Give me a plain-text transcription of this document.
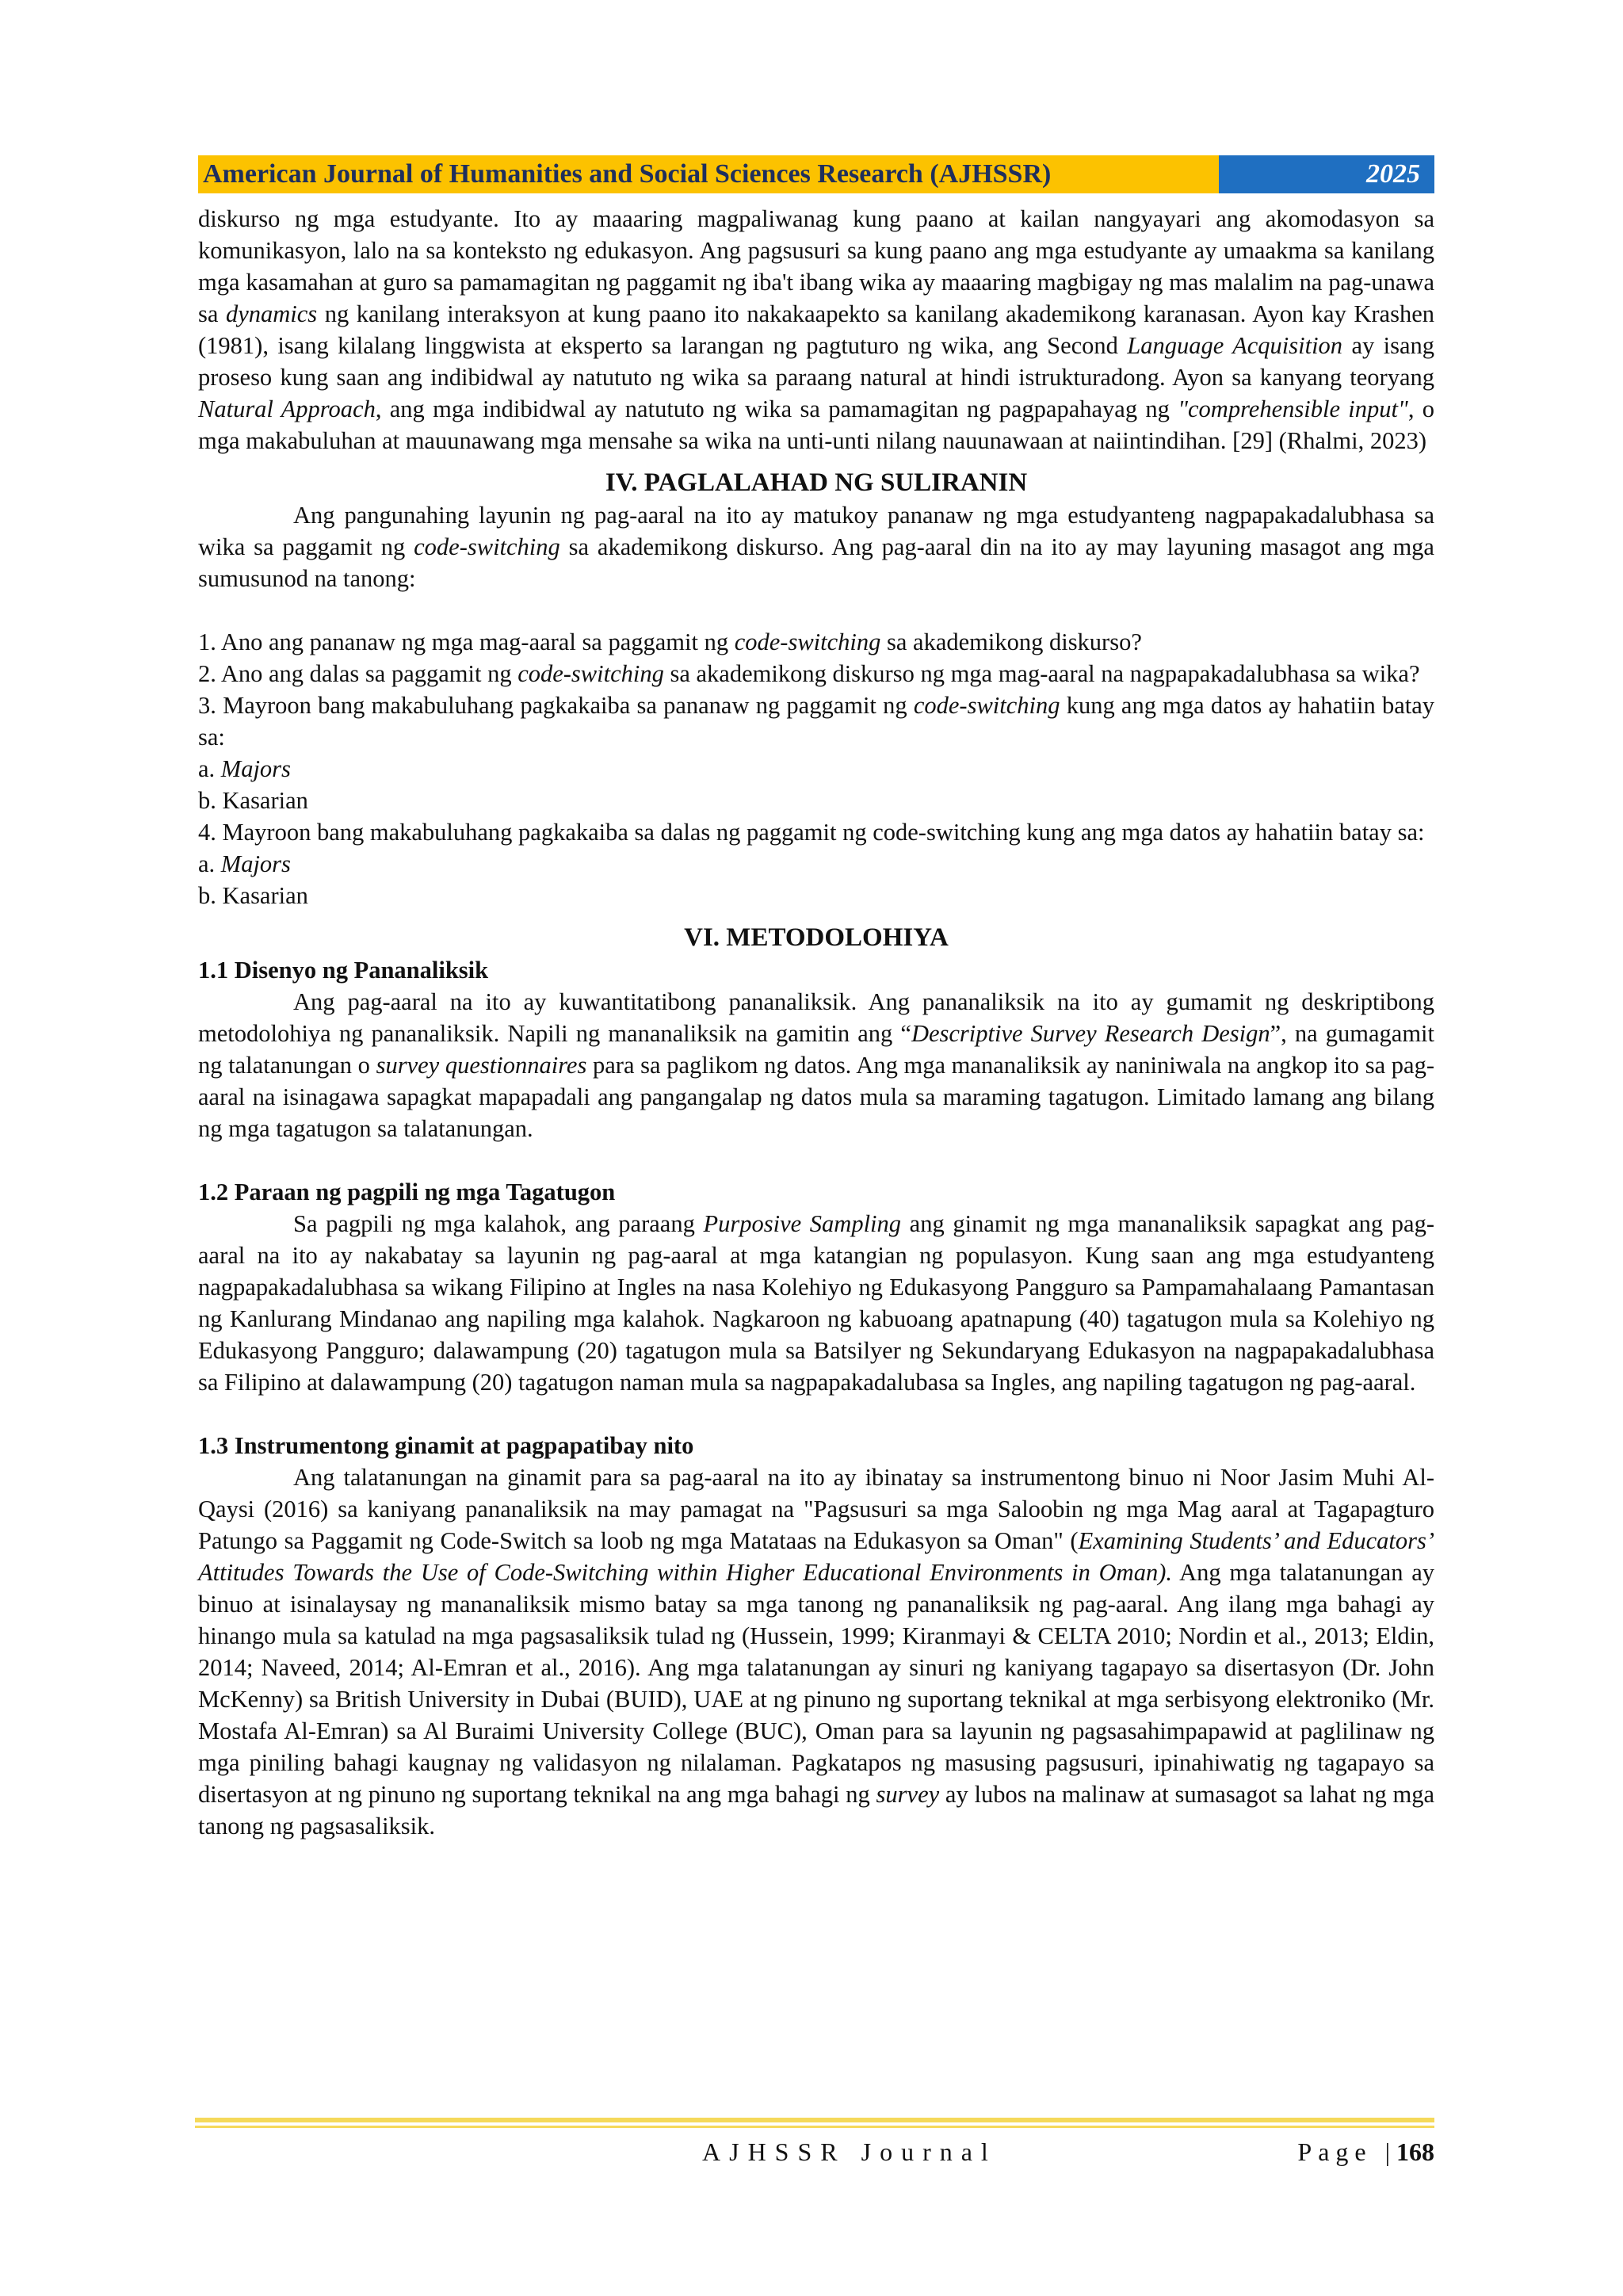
American Journal of Humanities and Social Sciences Research (AJHSSR)	2025

diskurso ng mga estudyante. Ito ay maaaring magpaliwanag kung paano at kailan nangyayari ang akomodasyon sa komunikasyon, lalo na sa konteksto ng edukasyon. Ang pagsusuri sa kung paano ang mga estudyante ay umaakma sa kanilang mga kasamahan at guro sa pamamagitan ng paggamit ng iba't ibang wika ay maaaring magbigay ng mas malalim na pag-unawa sa dynamics ng kanilang interaksyon at kung paano ito nakakaapekto sa kanilang akademikong karanasan. Ayon kay Krashen (1981), isang kilalang linggwista at eksperto sa larangan ng pagtuturo ng wika, ang Second Language Acquisition ay isang proseso kung saan ang indibidwal ay natututo ng wika sa paraang natural at hindi istrukturadong. Ayon sa kanyang teoryang Natural Approach, ang mga indibidwal ay natututo ng wika sa pamamagitan ng pagpapahayag ng "comprehensible input", o mga makabuluhan at mauunawang mga mensahe sa wika na unti-unti nilang nauunawaan at naiintindihan. [29] (Rhalmi, 2023)

IV. PAGLALAHAD NG SULIRANIN

Ang pangunahing layunin ng pag-aaral na ito ay matukoy pananaw ng mga estudyanteng nagpapakadalubhasa sa wika sa paggamit ng code-switching sa akademikong diskurso. Ang pag-aaral din na ito ay may layuning masagot ang mga sumusunod na tanong:

1. Ano ang pananaw ng mga mag-aaral sa paggamit ng code-switching sa akademikong diskurso?

2. Ano ang dalas sa paggamit ng code-switching sa akademikong diskurso ng mga mag-aaral na nagpapakadalubhasa sa wika?

3. Mayroon bang makabuluhang pagkakaiba sa pananaw ng paggamit ng code-switching kung ang mga datos ay hahatiin batay sa:

a. Majors

b. Kasarian

4. Mayroon bang makabuluhang pagkakaiba sa dalas ng paggamit ng code-switching kung ang mga datos ay hahatiin batay sa:

a. Majors

b. Kasarian

VI. METODOLOHIYA
1.1 Disenyo ng Pananaliksik

Ang pag-aaral na ito ay kuwantitatibong pananaliksik. Ang pananaliksik na ito ay gumamit ng deskriptibong metodolohiya ng pananaliksik. Napili ng mananaliksik na gamitin ang “Descriptive Survey Research Design”, na gumagamit ng talatanungan o survey questionnaires para sa paglikom ng datos. Ang mga mananaliksik ay naniniwala na angkop ito sa pag-aaral na isinagawa sapagkat mapapadali ang pangangalap ng datos mula sa maraming tagatugon. Limitado lamang ang bilang ng mga tagatugon sa talatanungan.

1.2 Paraan ng pagpili ng mga Tagatugon

Sa pagpili ng mga kalahok, ang paraang Purposive Sampling ang ginamit ng mga mananaliksik sapagkat ang pag-aaral na ito ay nakabatay sa layunin ng pag-aaral at mga katangian ng populasyon. Kung saan ang mga estudyanteng nagpapakadalubhasa sa wikang Filipino at Ingles na nasa Kolehiyo ng Edukasyong Pangguro sa Pampamahalaang Pamantasan ng Kanlurang Mindanao ang napiling mga kalahok. Nagkaroon ng kabuoang apatnapung (40) tagatugon mula sa Kolehiyo ng Edukasyong Pangguro; dalawampung (20) tagatugon mula sa Batsilyer ng Sekundaryang Edukasyon na nagpapakadalubhasa sa Filipino at dalawampung (20) tagatugon naman mula sa nagpapakadalubasa sa Ingles, ang napiling tagatugon ng pag-aaral.

1.3 Instrumentong ginamit at pagpapatibay nito

Ang talatanungan na ginamit para sa pag-aaral na ito ay ibinatay sa instrumentong binuo ni Noor Jasim Muhi Al-Qaysi (2016) sa kaniyang pananaliksik na may pamagat na "Pagsusuri sa mga Saloobin ng mga Mag aaral at Tagapagturo Patungo sa Paggamit ng Code-Switch sa loob ng mga Matataas na Edukasyon sa Oman" (Examining Students’ and Educators’ Attitudes Towards the Use of Code-Switching within Higher Educational Environments in Oman). Ang mga talatanungan ay binuo at isinalaysay ng mananaliksik mismo batay sa mga tanong ng pananaliksik ng pag-aaral. Ang ilang mga bahagi ay hinango mula sa katulad na mga pagsasaliksik tulad ng (Hussein, 1999; Kiranmayi & CELTA 2010; Nordin et al., 2013; Eldin, 2014; Naveed, 2014; Al-Emran et al., 2016). Ang mga talatanungan ay sinuri ng kaniyang tagapayo sa disertasyon (Dr. John McKenny) sa British University in Dubai (BUID), UAE at ng pinuno ng suportang teknikal at mga serbisyong elektroniko (Mr. Mostafa Al-Emran) sa Al Buraimi University College (BUC), Oman para sa layunin ng pagsasahimpapawid at paglilinaw ng mga piniling bahagi kaugnay ng validasyon ng nilalaman. Pagkatapos ng masusing pagsusuri, ipinahiwatig ng tagapayo sa disertasyon at ng pinuno ng suportang teknikal na ang mga bahagi ng survey ay lubos na malinaw at sumasagot sa lahat ng mga tanong ng pagsasaliksik.

AJHSSR Journal	Page |168
